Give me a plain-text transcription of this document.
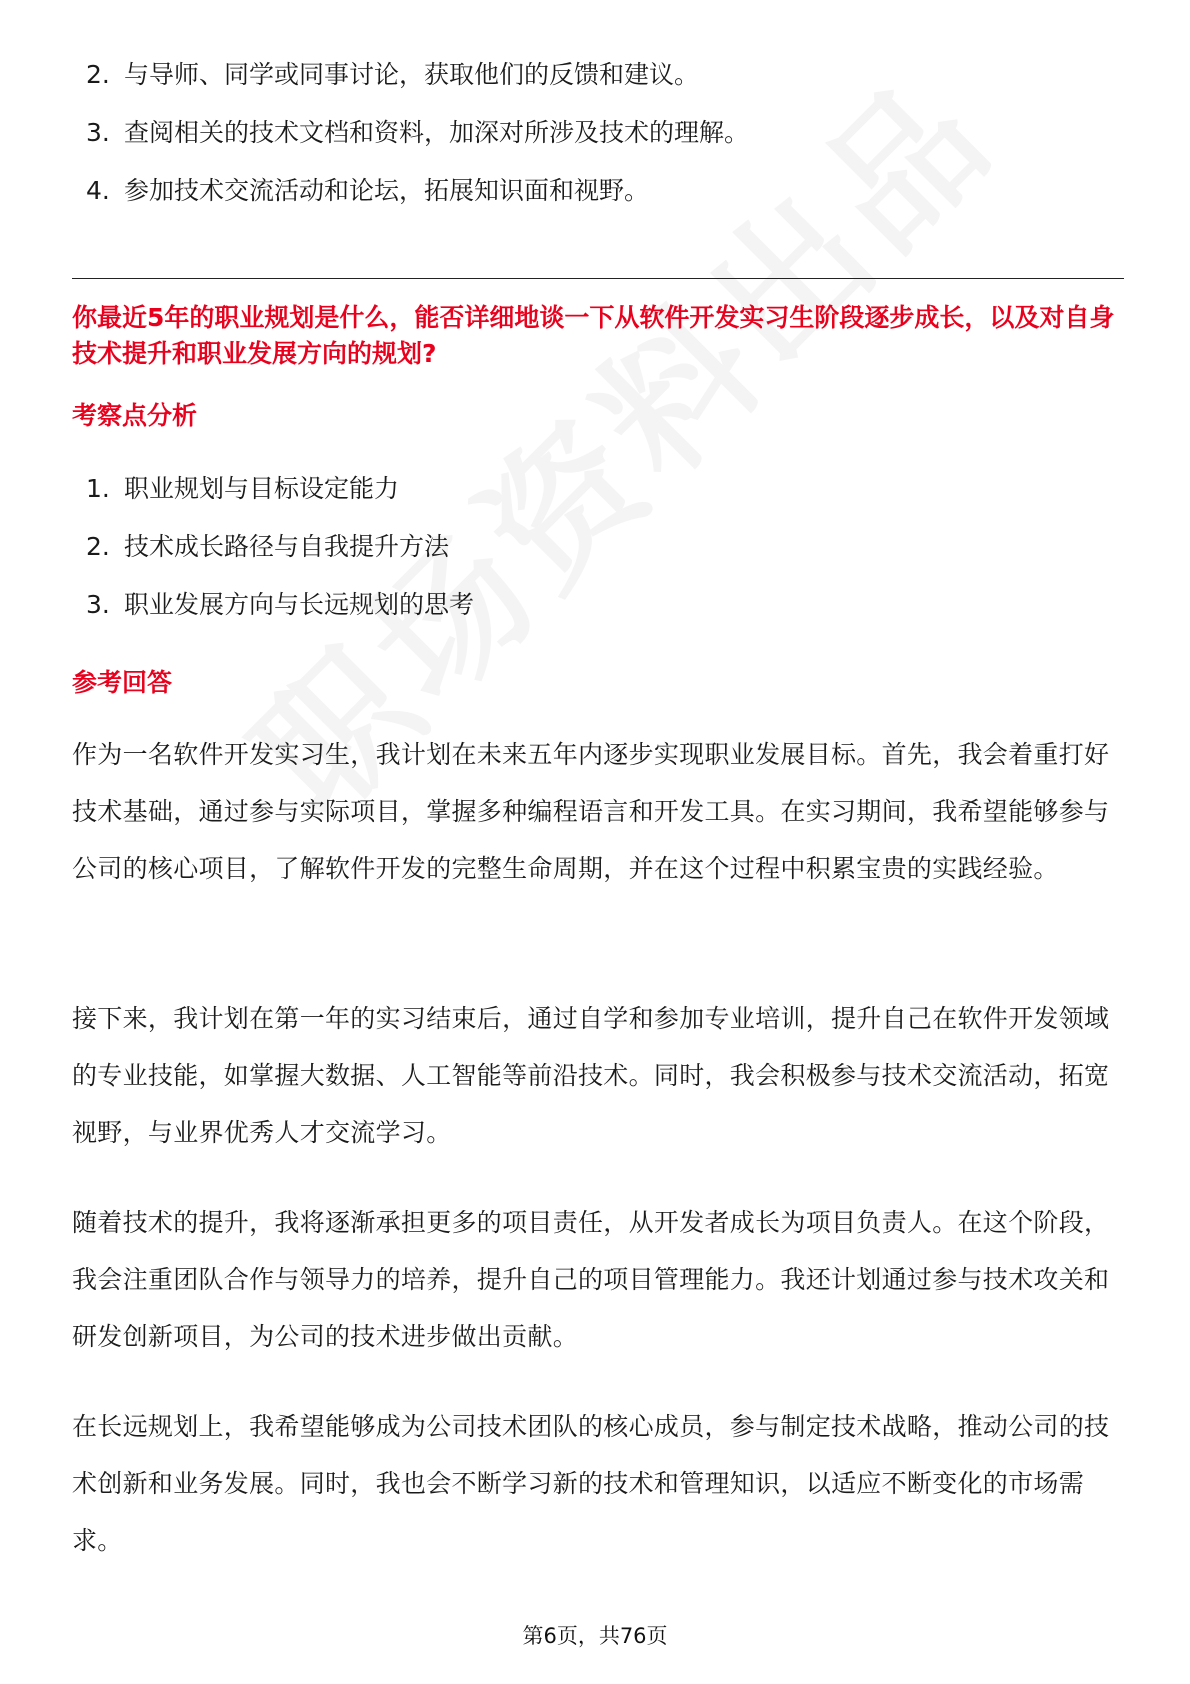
2. 与导师、同学或同事讨论，获取他们的反馈和建议。
3. 查阅相关的技术文档和资料，加深对所涉及技术的理解。
4. 参加技术交流活动和论坛，拓展知识面和视野。
你最近5年的职业规划是什么，能否详细地谈一下从软件开发实习生阶段逐步成长，以及对自身技术提升和职业发展方向的规划?
考察点分析
1. 职业规划与目标设定能力
2. 技术成长路径与自我提升方法
3. 职业发展方向与长远规划的思考
参考回答

作为一名软件开发实习生，我计划在未来五年内逐步实现职业发展目标。首先，我会着重打好技术基础，通过参与实际项目，掌握多种编程语言和开发工具。在实习期间，我希望能够参与公司的核心项目，了解软件开发的完整生命周期，并在这个过程中积累宝贵的实践经验。

接下来，我计划在第一年的实习结束后，通过自学和参加专业培训，提升自己在软件开发领域的专业技能，如掌握大数据、人工智能等前沿技术。同时，我会积极参与技术交流活动，拓宽视野，与业界优秀人才交流学习。

随着技术的提升，我将逐渐承担更多的项目责任，从开发者成长为项目负责人。在这个阶段，我会注重团队合作与领导力的培养，提升自己的项目管理能力。我还计划通过参与技术攻关和研发创新项目，为公司的技术进步做出贡献。

在长远规划上，我希望能够成为公司技术团队的核心成员，参与制定技术战略，推动公司的技术创新和业务发展。同时，我也会不断学习新的技术和管理知识，以适应不断变化的市场需求。

第6页，共76页
